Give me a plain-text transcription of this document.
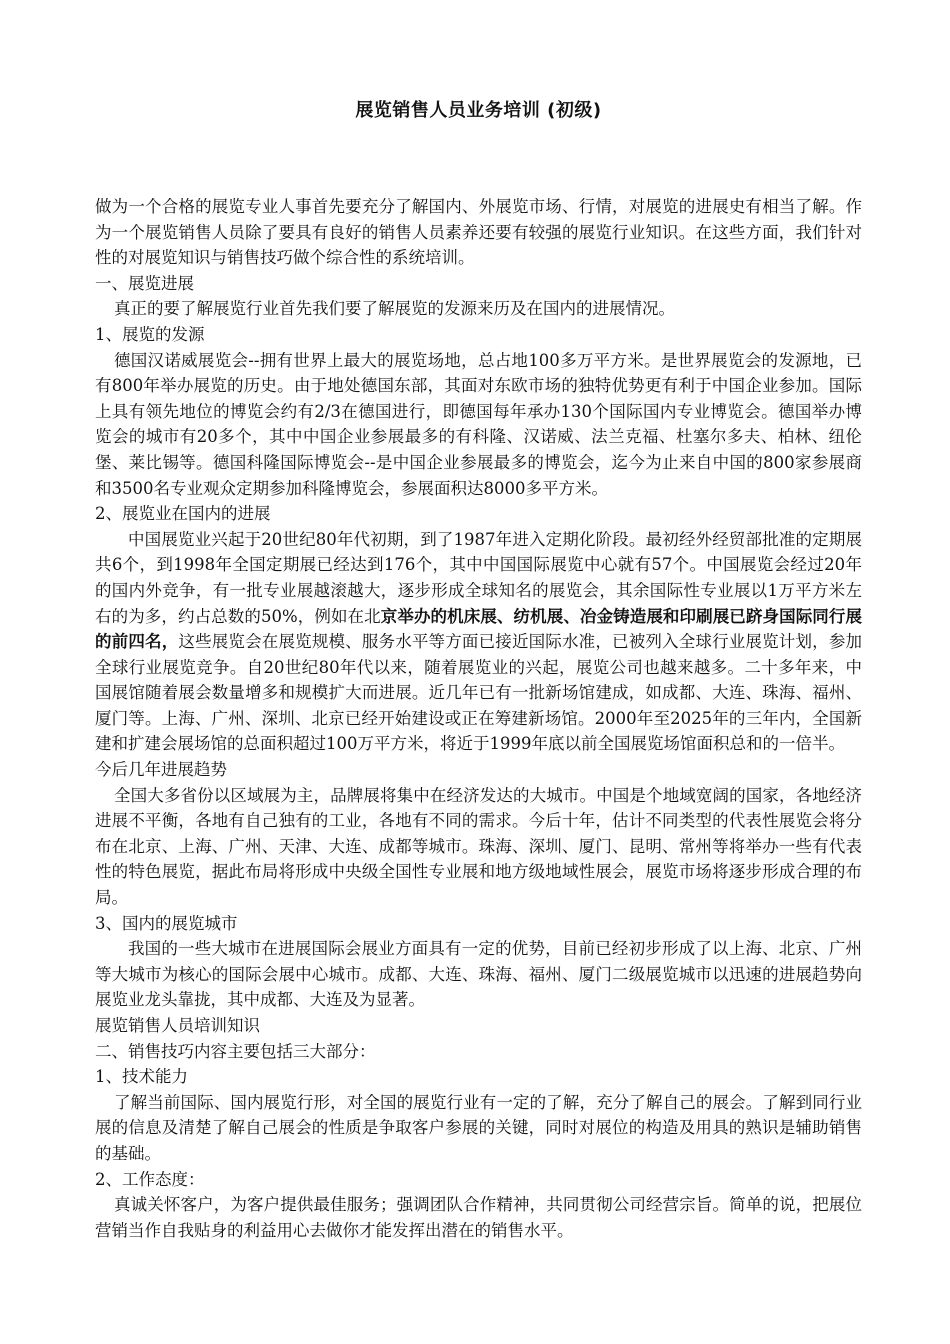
展览销售人员业务培训 (初级)

做为一个合格的展览专业人事首先要充分了解国内、外展览市场、行情，对展览的进展史有相当了解。作为一个展览销售人员除了要具有良好的销售人员素养还要有较强的展览行业知识。在这些方面，我们针对性的对展览知识与销售技巧做个综合性的系统培训。

一、展览进展

真正的要了解展览行业首先我们要了解展览的发源来历及在国内的进展情况。

1、展览的发源

德国汉诺威展览会--拥有世界上最大的展览场地，总占地100多万平方米。是世界展览会的发源地，已有800年举办展览的历史。由于地处德国东部，其面对东欧市场的独特优势更有利于中国企业参加。国际上具有领先地位的博览会约有2/3在德国进行，即德国每年承办130个国际国内专业博览会。德国举办博览会的城市有20多个，其中中国企业参展最多的有科隆、汉诺威、法兰克福、杜塞尔多夫、柏林、纽伦堡、莱比锡等。德国科隆国际博览会--是中国企业参展最多的博览会，迄今为止来自中国的800家参展商和3500名专业观众定期参加科隆博览会，参展面积达8000多平方米。

2、展览业在国内的进展

中国展览业兴起于20世纪80年代初期，到了1987年进入定期化阶段。最初经外经贸部批准的定期展共6个，到1998年全国定期展已经达到176个，其中中国国际展览中心就有57个。中国展览会经过20年的国内外竞争，有一批专业展越滚越大，逐步形成全球知名的展览会，其余国际性专业展以1万平方米左右的为多，约占总数的50%，例如在北京举办的机床展、纺机展、冶金铸造展和印刷展已跻身国际同行展的前四名，这些展览会在展览规模、服务水平等方面已接近国际水准，已被列入全球行业展览计划，参加全球行业展览竞争。自20世纪80年代以来，随着展览业的兴起，展览公司也越来越多。二十多年来，中国展馆随着展会数量增多和规模扩大而进展。近几年已有一批新场馆建成，如成都、大连、珠海、福州、厦门等。上海、广州、深圳、北京已经开始建设或正在筹建新场馆。2000年至2025年的三年内，全国新建和扩建会展场馆的总面积超过100万平方米，将近于1999年底以前全国展览场馆面积总和的一倍半。

今后几年进展趋势

全国大多省份以区域展为主，品牌展将集中在经济发达的大城市。中国是个地域宽阔的国家，各地经济进展不平衡，各地有自己独有的工业，各地有不同的需求。今后十年，估计不同类型的代表性展览会将分布在北京、上海、广州、天津、大连、成都等城市。珠海、深圳、厦门、昆明、常州等将举办一些有代表性的特色展览，据此布局将形成中央级全国性专业展和地方级地域性展会，展览市场将逐步形成合理的布局。

3、国内的展览城市

我国的一些大城市在进展国际会展业方面具有一定的优势，目前已经初步形成了以上海、北京、广州等大城市为核心的国际会展中心城市。成都、大连、珠海、福州、厦门二级展览城市以迅速的进展趋势向展览业龙头靠拢，其中成都、大连及为显著。

展览销售人员培训知识

二、销售技巧内容主要包括三大部分：

1、技术能力

了解当前国际、国内展览行形，对全国的展览行业有一定的了解，充分了解自己的展会。了解到同行业展的信息及清楚了解自己展会的性质是争取客户参展的关键，同时对展位的构造及用具的熟识是辅助销售的基础。

2、工作态度：

真诚关怀客户，为客户提供最佳服务；强调团队合作精神，共同贯彻公司经营宗旨。简单的说，把展位营销当作自我贴身的利益用心去做你才能发挥出潜在的销售水平。
